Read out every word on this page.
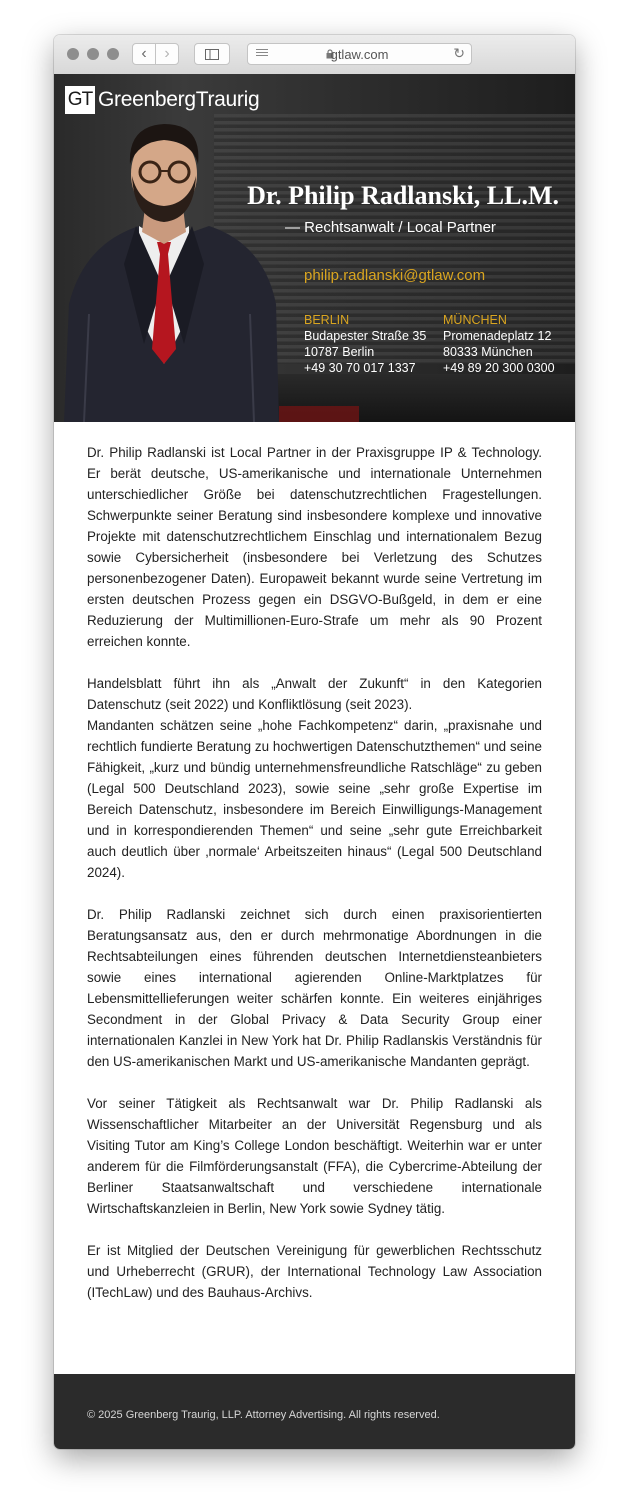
‹ ›	gtlaw.com	↻
GT GreenbergTraurig
Dr. Philip Radlanski, LL.M.
— Rechtsanwalt / Local Partner
philip.radlanski@gtlaw.com
BERLIN
Budapester Straße 35
10787 Berlin
+49 30 70 017 1337
MÜNCHEN
Promenadeplatz 12
80333 München
+49 89 20 300 0300

Dr. Philip Radlanski ist Local Partner in der Praxisgruppe IP & Technology. Er berät deutsche, US-amerikanische und internationale Unternehmen unterschiedlicher Größe bei datenschutzrechtlichen Fragestellungen. Schwerpunkte seiner Beratung sind insbesondere komplexe und innovative Projekte mit datenschutzrechtlichem Einschlag und internationalem Bezug sowie Cybersicherheit (insbesondere bei Verletzung des Schutzes personenbezogener Daten). Europaweit bekannt wurde seine Vertretung im ersten deutschen Prozess gegen ein DSGVO-Bußgeld, in dem er eine Reduzierung der Multimillionen-Euro-Strafe um mehr als 90 Prozent erreichen konnte.

Handelsblatt führt ihn als „Anwalt der Zukunft“ in den Kategorien Datenschutz (seit 2022) und Konfliktlösung (seit 2023).

Mandanten schätzen seine „hohe Fachkompetenz“ darin, „praxisnahe und rechtlich fundierte Beratung zu hochwertigen Datenschutzthemen“ und seine Fähigkeit, „kurz und bündig unternehmensfreundliche Ratschläge“ zu geben (Legal 500 Deutschland 2023), sowie seine „sehr große Expertise im Bereich Datenschutz, insbesondere im Bereich Einwilligungs-Management und in korrespondierenden Themen“ und seine „sehr gute Erreichbarkeit auch deutlich über ‚normale‘ Arbeitszeiten hinaus“ (Legal 500 Deutschland 2024).

Dr. Philip Radlanski zeichnet sich durch einen praxisorientierten Beratungsansatz aus, den er durch mehrmonatige Abordnungen in die Rechtsabteilungen eines führenden deutschen Internetdiensteanbieters sowie eines international agierenden Online-Marktplatzes für Lebensmittellieferungen weiter schärfen konnte. Ein weiteres einjähriges Secondment in der Global Privacy & Data Security Group einer internationalen Kanzlei in New York hat Dr. Philip Radlanskis Verständnis für den US-amerikanischen Markt und US-amerikanische Mandanten geprägt.

Vor seiner Tätigkeit als Rechtsanwalt war Dr. Philip Radlanski als Wissenschaftlicher Mitarbeiter an der Universität Regensburg und als Visiting Tutor am King’s College London beschäftigt. Weiterhin war er unter anderem für die Filmförderungsanstalt (FFA), die Cybercrime-Abteilung der Berliner Staatsanwaltschaft und verschiedene internationale Wirtschaftskanzleien in Berlin, New York sowie Sydney tätig.

Er ist Mitglied der Deutschen Vereinigung für gewerblichen Rechtsschutz und Urheberrecht (GRUR), der International Technology Law Association (ITechLaw) und des Bauhaus-Archivs.

© 2025 Greenberg Traurig, LLP. Attorney Advertising. All rights reserved.
